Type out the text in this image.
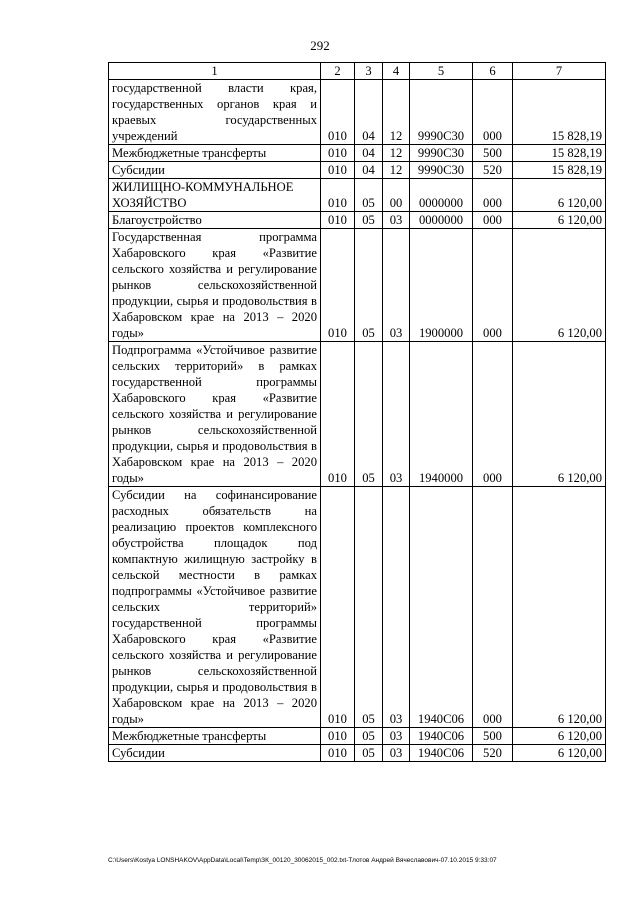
292
1	2	3	4	5	6	7
государственной власти края, государственных органов края и краевых государственных учреждений	010	04	12	9990С30	000	15 828,19
Межбюджетные трансферты	010	04	12	9990С30	500	15 828,19
Субсидии	010	04	12	9990С30	520	15 828,19
ЖИЛИЩНО-КОММУНАЛЬНОЕ ХОЗЯЙСТВО	010	05	00	0000000	000	6 120,00
Благоустройство	010	05	03	0000000	000	6 120,00
Государственная программа Хабаровского края «Развитие сельского хозяйства и регулирование рынков сельскохозяйственной продукции, сырья и продовольствия в Хабаровском крае на 2013 – 2020 годы»	010	05	03	1900000	000	6 120,00
Подпрограмма «Устойчивое развитие сельских территорий» в рамках государственной программы Хабаровского края «Развитие сельского хозяйства и регулирование рынков сельскохозяйственной продукции, сырья и продовольствия в Хабаровском крае на 2013 – 2020 годы»	010	05	03	1940000	000	6 120,00
Субсидии на софинансирование расходных обязательств на реализацию проектов комплексного обустройства площадок под компактную жилищную застройку в сельской местности в рамках подпрограммы «Устойчивое развитие сельских территорий» государственной программы Хабаровского края «Развитие сельского хозяйства и регулирование рынков сельскохозяйственной продукции, сырья и продовольствия в Хабаровском крае на 2013 – 2020 годы»	010	05	03	1940С06	000	6 120,00
Межбюджетные трансферты	010	05	03	1940С06	500	6 120,00
Субсидии	010	05	03	1940С06	520	6 120,00
C:\Users\Kostya LONSHAKOV\AppData\Local\Temp\ЗК_00120_30062015_002.txt-Тлотов Андрей Вячеславович-07.10.2015 9:33:07
